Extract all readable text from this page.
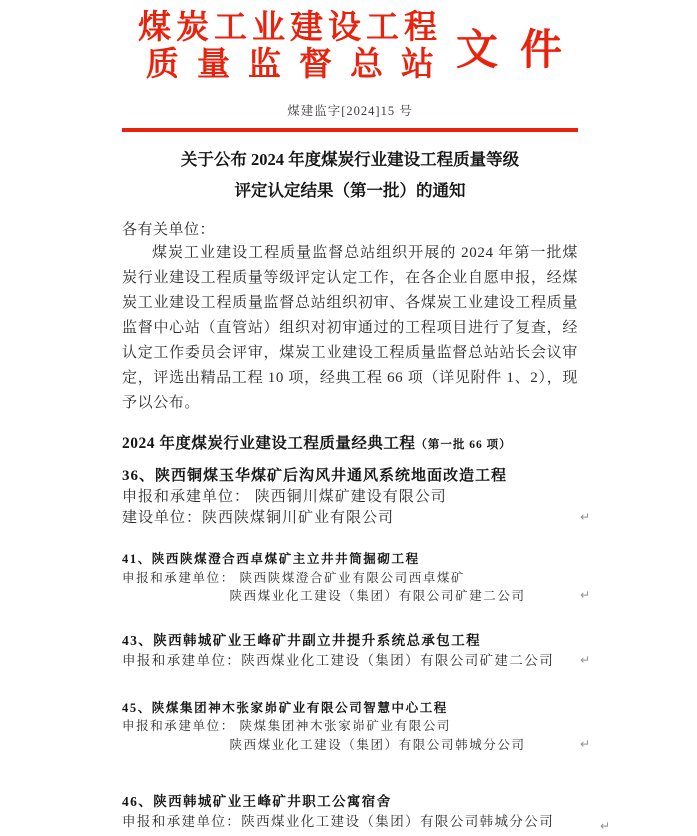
煤炭工业建设工程
质量监督总站 文件
煤建监字[2024]15 号
关于公布 2024 年度煤炭行业建设工程质量等级
评定认定结果（第一批）的通知
各有关单位：
煤炭工业建设工程质量监督总站组织开展的 2024 年第一批煤炭行业建设工程质量等级评定认定工作，在各企业自愿申报，经煤炭工业建设工程质量监督总站组织初审、各煤炭工业建设工程质量监督中心站（直管站）组织对初审通过的工程项目进行了复查，经认定工作委员会评审，煤炭工业建设工程质量监督总站站长会议审定，评选出精品工程 10 项，经典工程 66 项（详见附件 1、2），现予以公布。
2024 年度煤炭行业建设工程质量经典工程（第一批 66 项）
36、陕西铜煤玉华煤矿后沟风井通风系统地面改造工程
申报和承建单位： 陕西铜川煤矿建设有限公司
建设单位：陕西陕煤铜川矿业有限公司	↵
41、陕西陕煤澄合西卓煤矿主立井井筒掘砌工程
申报和承建单位： 陕西陕煤澄合矿业有限公司西卓煤矿
陕西煤业化工建设（集团）有限公司矿建二公司	↵
43、陕西韩城矿业王峰矿井副立井提升系统总承包工程
申报和承建单位：陕西煤业化工建设（集团）有限公司矿建二公司	↵
45、陕煤集团神木张家峁矿业有限公司智慧中心工程
申报和承建单位： 陕煤集团神木张家峁矿业有限公司
陕西煤业化工建设（集团）有限公司韩城分公司	↵
46、陕西韩城矿业王峰矿井职工公寓宿舍
申报和承建单位：陕西煤业化工建设（集团）有限公司韩城分公司	↵
